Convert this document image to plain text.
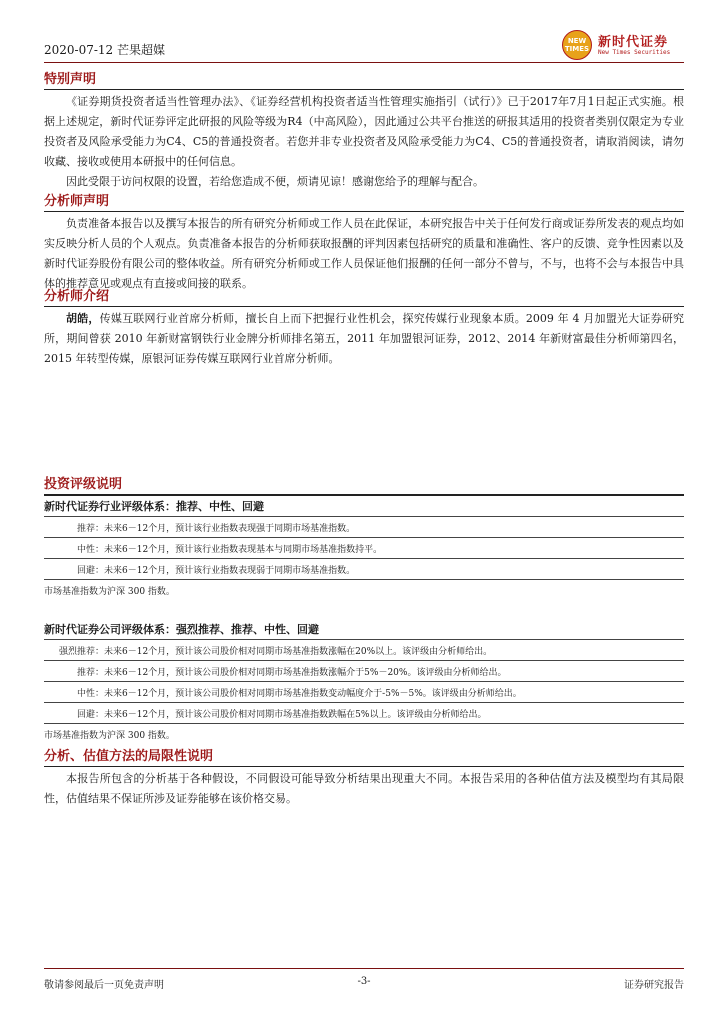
2020-07-12 芒果超媒
NEW
TIMES 新时代证券
New Times Securities
特别声明

《证券期货投资者适当性管理办法》、《证券经营机构投资者适当性管理实施指引（试行）》已于2017年7月1日起正式实施。根据上述规定，新时代证券评定此研报的风险等级为R4（中高风险），因此通过公共平台推送的研报其适用的投资者类别仅限定为专业投资者及风险承受能力为C4、C5的普通投资者。若您并非专业投资者及风险承受能力为C4、C5的普通投资者，请取消阅读，请勿收藏、接收或使用本研报中的任何信息。

因此受限于访问权限的设置，若给您造成不便，烦请见谅！感谢您给予的理解与配合。

分析师声明

负责准备本报告以及撰写本报告的所有研究分析师或工作人员在此保证，本研究报告中关于任何发行商或证券所发表的观点均如实反映分析人员的个人观点。负责准备本报告的分析师获取报酬的评判因素包括研究的质量和准确性、客户的反馈、竞争性因素以及新时代证券股份有限公司的整体收益。所有研究分析师或工作人员保证他们报酬的任何一部分不曾与，不与，也将不会与本报告中具体的推荐意见或观点有直接或间接的联系。

分析师介绍

胡皓，传媒互联网行业首席分析师，擅长自上而下把握行业性机会，探究传媒行业现象本质。2009 年 4 月加盟光大证券研究所，期间曾获 2010 年新财富钢铁行业金牌分析师排名第五，2011 年加盟银河证券，2012、2014 年新财富最佳分析师第四名，2015 年转型传媒，原银河证券传媒互联网行业首席分析师。

投资评级说明

新时代证券行业评级体系：推荐、中性、回避

推荐：	未来6－12个月，预计该行业指数表现强于同期市场基准指数。
中性：	未来6－12个月，预计该行业指数表现基本与同期市场基准指数持平。
回避：	未来6－12个月，预计该行业指数表现弱于同期市场基准指数。
市场基准指数为沪深 300 指数。

新时代证券公司评级体系：强烈推荐、推荐、中性、回避

强烈推荐：	未来6－12个月，预计该公司股价相对同期市场基准指数涨幅在20%以上。该评级由分析师给出。
推荐：	未来6－12个月，预计该公司股价相对同期市场基准指数涨幅介于5%－20%。该评级由分析师给出。
中性：	未来6－12个月，预计该公司股价相对同期市场基准指数变动幅度介于-5%－5%。该评级由分析师给出。
回避：	未来6－12个月，预计该公司股价相对同期市场基准指数跌幅在5%以上。该评级由分析师给出。
市场基准指数为沪深 300 指数。
分析、估值方法的局限性说明

本报告所包含的分析基于各种假设，不同假设可能导致分析结果出现重大不同。本报告采用的各种估值方法及模型均有其局限性，估值结果不保证所涉及证券能够在该价格交易。

敬请参阅最后一页免责声明	-3-	证券研究报告
